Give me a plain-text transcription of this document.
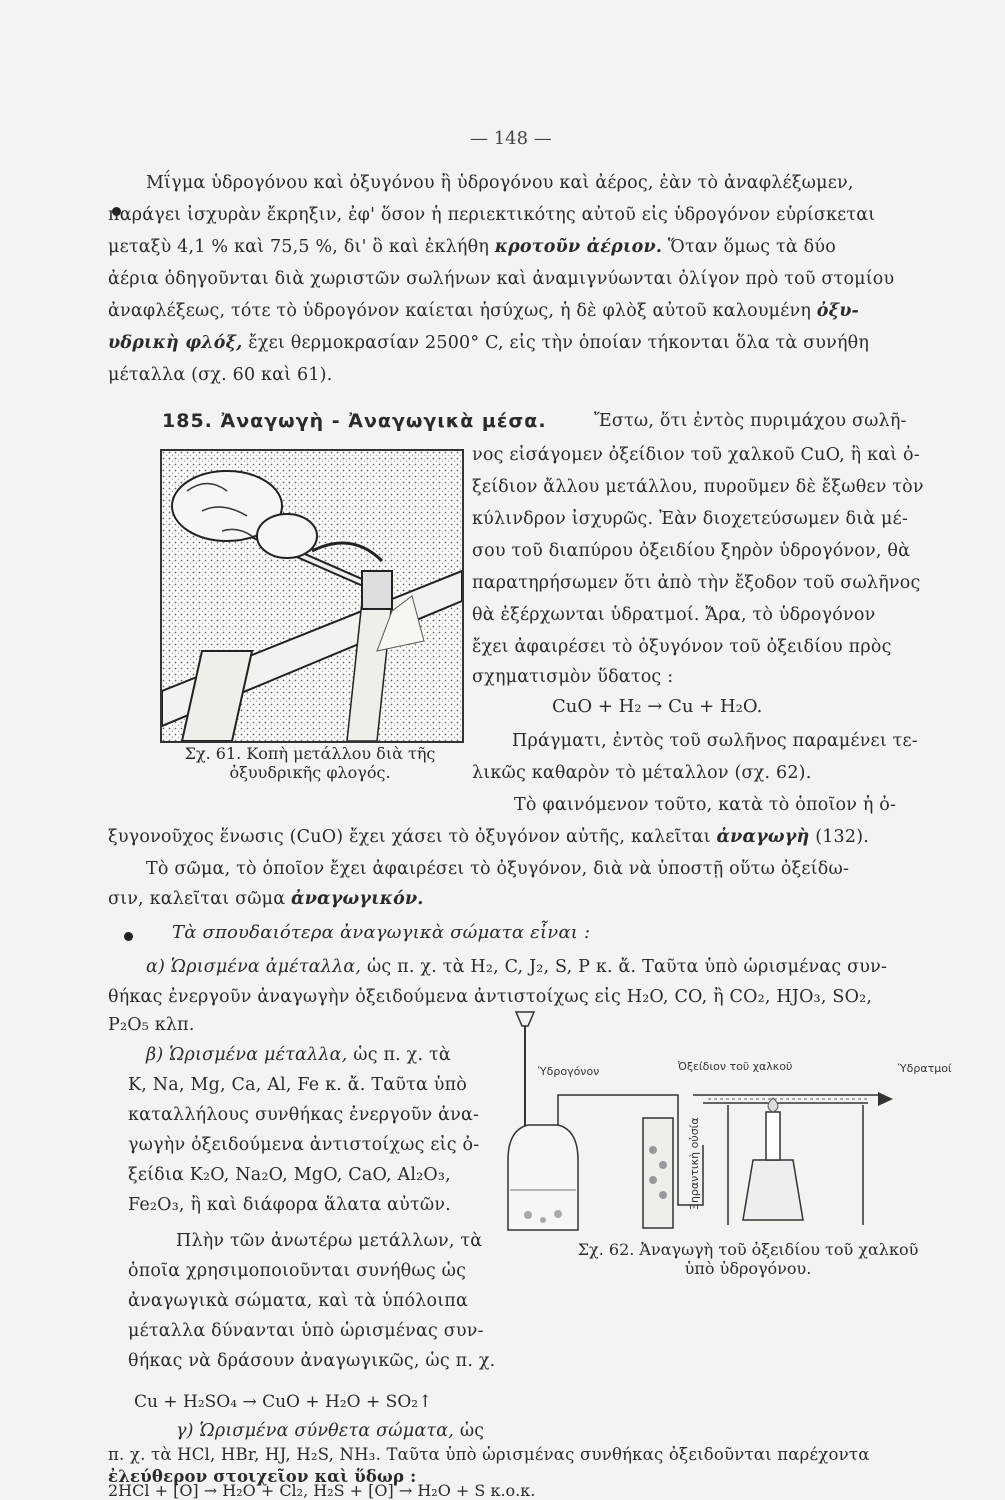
— 148 —
Μΐγμα ὑδρογόνου καὶ ὀξυγόνου ἢ ὑδρογόνου καὶ ἀέρος, ἐὰν τὸ ἀναφλέξωμεν,
παράγει ἰσχυρὰν ἔκρηξιν, ἐφ' ὅσον ἡ περιεκτικότης αὐτοῦ εἰς ὑδρογόνον εὑρίσκεται
μεταξὺ 4,1 % καὶ 75,5 %, δι' ὃ καὶ ἐκλήθη κροτοῦν ἀέριον. Ὅταν ὅμως τὰ δύο
ἀέρια ὁδηγοῦνται διὰ χωριστῶν σωλήνων καὶ ἀναμιγνύωνται ὀλίγον πρὸ τοῦ στομίου
ἀναφλέξεως, τότε τὸ ὑδρογόνον καίεται ἡσύχως, ἡ δὲ φλὸξ αὐτοῦ καλουμένη ὀξυ-
υδρικὴ φλόξ, ἔχει θερμοκρασίαν 2500° C, εἰς τὴν ὁποίαν τήκονται ὅλα τὰ συνήθη
μέταλλα (σχ. 60 καὶ 61).
185. Ἀναγωγὴ - Ἀναγωγικὰ μέσα.	Ἔστω, ὅτι ἐντὸς πυριμάχου σωλῆ-
νος εἰσάγομεν ὀξείδιον τοῦ χαλκοῦ CuO, ἢ καὶ ὀ-
ξείδιον ἄλλου μετάλλου, πυροῦμεν δὲ ἔξωθεν τὸν
κύλινδρον ἰσχυρῶς. Ἐὰν διοχετεύσωμεν διὰ μέ-
σου τοῦ διαπύρου ὀξειδίου ξηρὸν ὑδρογόνον, θὰ
παρατηρήσωμεν ὅτι ἀπὸ τὴν ἔξοδον τοῦ σωλῆνος
θὰ ἐξέρχωνται ὑδρατμοί. Ἄρα, τὸ ὑδρογόνον
ἔχει ἀφαιρέσει τὸ ὀξυγόνον τοῦ ὀξειδίου πρὸς
σχηματισμὸν ὕδατος :
CuO + H₂ → Cu + H₂O.
Πράγματι, ἐντὸς τοῦ σωλῆνος παραμένει τε-
λικῶς καθαρὸν τὸ μέταλλον (σχ. 62).
Σχ. 61. Κοπὴ μετάλλου διὰ τῆς
ὀξυυδρικῆς φλογός.
Τὸ φαινόμενον τοῦτο, κατὰ τὸ ὁποῖον ἡ ὀ-
ξυγονοῦχος ἕνωσις (CuO) ἔχει χάσει τὸ ὀξυγόνον αὐτῆς, καλεῖται ἀναγωγὴ (132).
Τὸ σῶμα, τὸ ὁποῖον ἔχει ἀφαιρέσει τὸ ὀξυγόνον, διὰ νὰ ὑποστῇ οὕτω ὀξείδω-
σιν, καλεῖται σῶμα ἀναγωγικόν.
Τὰ σπουδαιότερα ἀναγωγικὰ σώματα εἶναι :
α) Ὡρισμένα ἀμέταλλα, ὡς π. χ. τὰ H₂, C, J₂, S, P κ. ἄ. Ταῦτα ὑπὸ ὡρισμένας συν-
θήκας ἐνεργοῦν ἀναγωγὴν ὀξειδούμενα ἀντιστοίχως εἰς H₂O, CO, ἢ CO₂, HJO₃, SO₂,
P₂O₅ κλπ.
β) Ὡρισμένα μέταλλα, ὡς π. χ. τὰ
K, Na, Mg, Ca, Al, Fe κ. ἄ. Ταῦτα ὑπὸ
καταλλήλους συνθήκας ἐνεργοῦν ἀνα-
γωγὴν ὀξειδούμενα ἀντιστοίχως εἰς ὀ-
ξείδια K₂O, Na₂O, MgO, CaO, Al₂O₃,
Fe₂O₃, ἢ καὶ διάφορα ἅλατα αὐτῶν.
Πλὴν τῶν ἀνωτέρω μετάλλων, τὰ
ὁποῖα χρησιμοποιοῦνται συνήθως ὡς
ἀναγωγικὰ σώματα, καὶ τὰ ὑπόλοιπα
μέταλλα δύνανται ὑπὸ ὡρισμένας συν-
θήκας νὰ δράσουν ἀναγωγικῶς, ὡς π. χ.
Cu + H₂SO₄ → CuO + H₂O + SO₂↑
Ὑδρογόνον	Ὀξείδιον τοῦ χαλκοῦ	Ὑδρατμοί
Ξηραντικὴ οὐσία
Σχ. 62. Ἀναγωγὴ τοῦ ὀξειδίου τοῦ χαλκοῦ
ὑπὸ ὑδρογόνου.
γ) Ὡρισμένα σύνθετα σώματα, ὡς
π. χ. τὰ HCl, HBr, HJ, H₂S, NH₃. Ταῦτα ὑπὸ ὡρισμένας συνθήκας ὀξειδοῦνται παρέχοντα
ἐλεύθερον στοιχεῖον καὶ ὕδωρ :
2HCl + [O] → H₂O + Cl₂, H₂S + [O] → H₂O + S κ.ο.κ.
